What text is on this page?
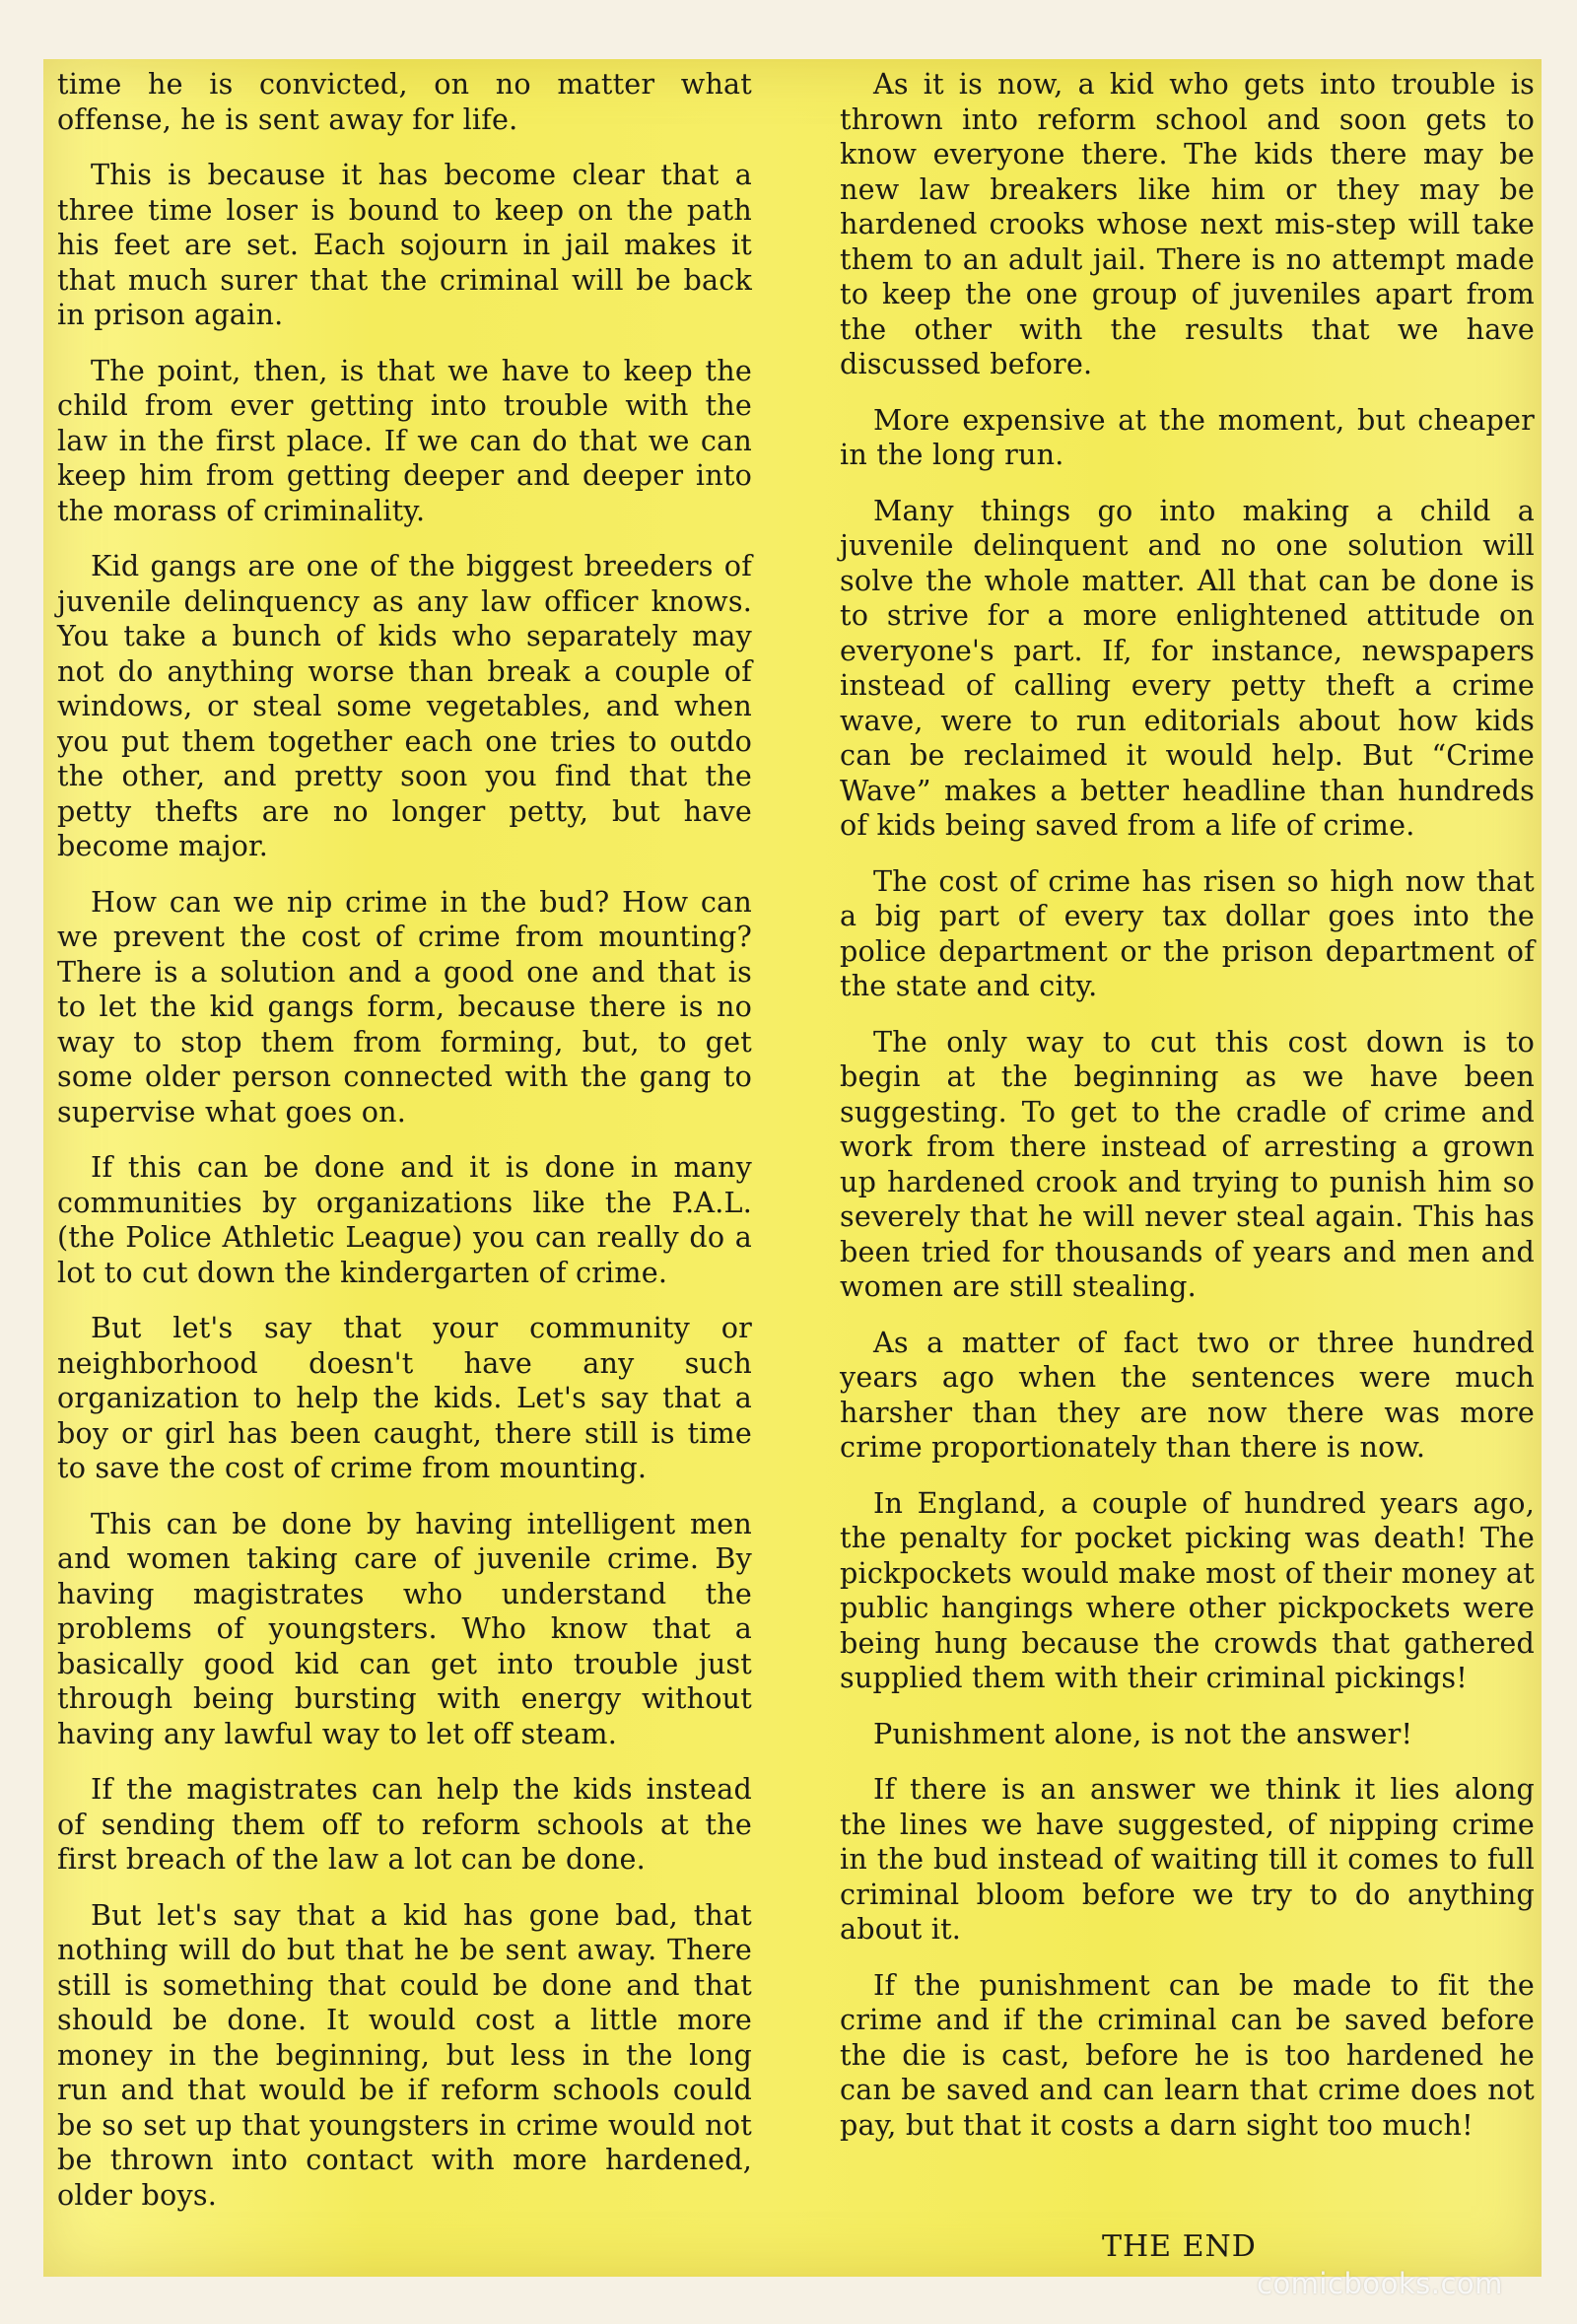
time he is convicted, on no matter what offense, he is sent away for life.

This is because it has become clear that a three time loser is bound to keep on the path his feet are set. Each sojourn in jail makes it that much surer that the criminal will be back in prison again.

The point, then, is that we have to keep the child from ever getting into trouble with the law in the first place. If we can do that we can keep him from getting deeper and deeper into the morass of criminality.

Kid gangs are one of the biggest breeders of juvenile delinquency as any law officer knows. You take a bunch of kids who separately may not do anything worse than break a couple of windows, or steal some vegetables, and when you put them together each one tries to outdo the other, and pretty soon you find that the petty thefts are no longer petty, but have become major.

How can we nip crime in the bud? How can we prevent the cost of crime from mounting? There is a solution and a good one and that is to let the kid gangs form, because there is no way to stop them from forming, but, to get some older person connected with the gang to supervise what goes on.

If this can be done and it is done in many communities by organizations like the P.A.L. (the Police Athletic League) you can really do a lot to cut down the kindergarten of crime.

But let's say that your community or neighborhood doesn't have any such organization to help the kids. Let's say that a boy or girl has been caught, there still is time to save the cost of crime from mounting.

This can be done by having intelligent men and women taking care of juvenile crime. By having magistrates who understand the problems of youngsters. Who know that a basically good kid can get into trouble just through being bursting with energy without having any lawful way to let off steam.

If the magistrates can help the kids instead of sending them off to reform schools at the first breach of the law a lot can be done.

But let's say that a kid has gone bad, that nothing will do but that he be sent away. There still is something that could be done and that should be done. It would cost a little more money in the beginning, but less in the long run and that would be if reform schools could be so set up that youngsters in crime would not be thrown into contact with more hardened, older boys.

As it is now, a kid who gets into trouble is thrown into reform school and soon gets to know everyone there. The kids there may be new law breakers like him or they may be hardened crooks whose next mis-step will take them to an adult jail. There is no attempt made to keep the one group of juveniles apart from the other with the results that we have discussed before.

More expensive at the moment, but cheaper in the long run.

Many things go into making a child a juvenile delinquent and no one solution will solve the whole matter. All that can be done is to strive for a more enlightened attitude on everyone's part. If, for instance, newspapers instead of calling every petty theft a crime wave, were to run editorials about how kids can be reclaimed it would help. But “Crime Wave” makes a better headline than hundreds of kids being saved from a life of crime.

The cost of crime has risen so high now that a big part of every tax dollar goes into the police department or the prison department of the state and city.

The only way to cut this cost down is to begin at the beginning as we have been suggesting. To get to the cradle of crime and work from there instead of arresting a grown up hardened crook and trying to punish him so severely that he will never steal again. This has been tried for thousands of years and men and women are still stealing.

As a matter of fact two or three hundred years ago when the sentences were much harsher than they are now there was more crime proportionately than there is now.

In England, a couple of hundred years ago, the penalty for pocket picking was death! The pickpockets would make most of their money at public hangings where other pickpockets were being hung because the crowds that gathered supplied them with their criminal pickings!

Punishment alone, is not the answer!

If there is an answer we think it lies along the lines we have suggested, of nipping crime in the bud instead of waiting till it comes to full criminal bloom before we try to do anything about it.

If the punishment can be made to fit the crime and if the criminal can be saved before the die is cast, before he is too hardened he can be saved and can learn that crime does not pay, but that it costs a darn sight too much!

THE END
comicbooks.com
